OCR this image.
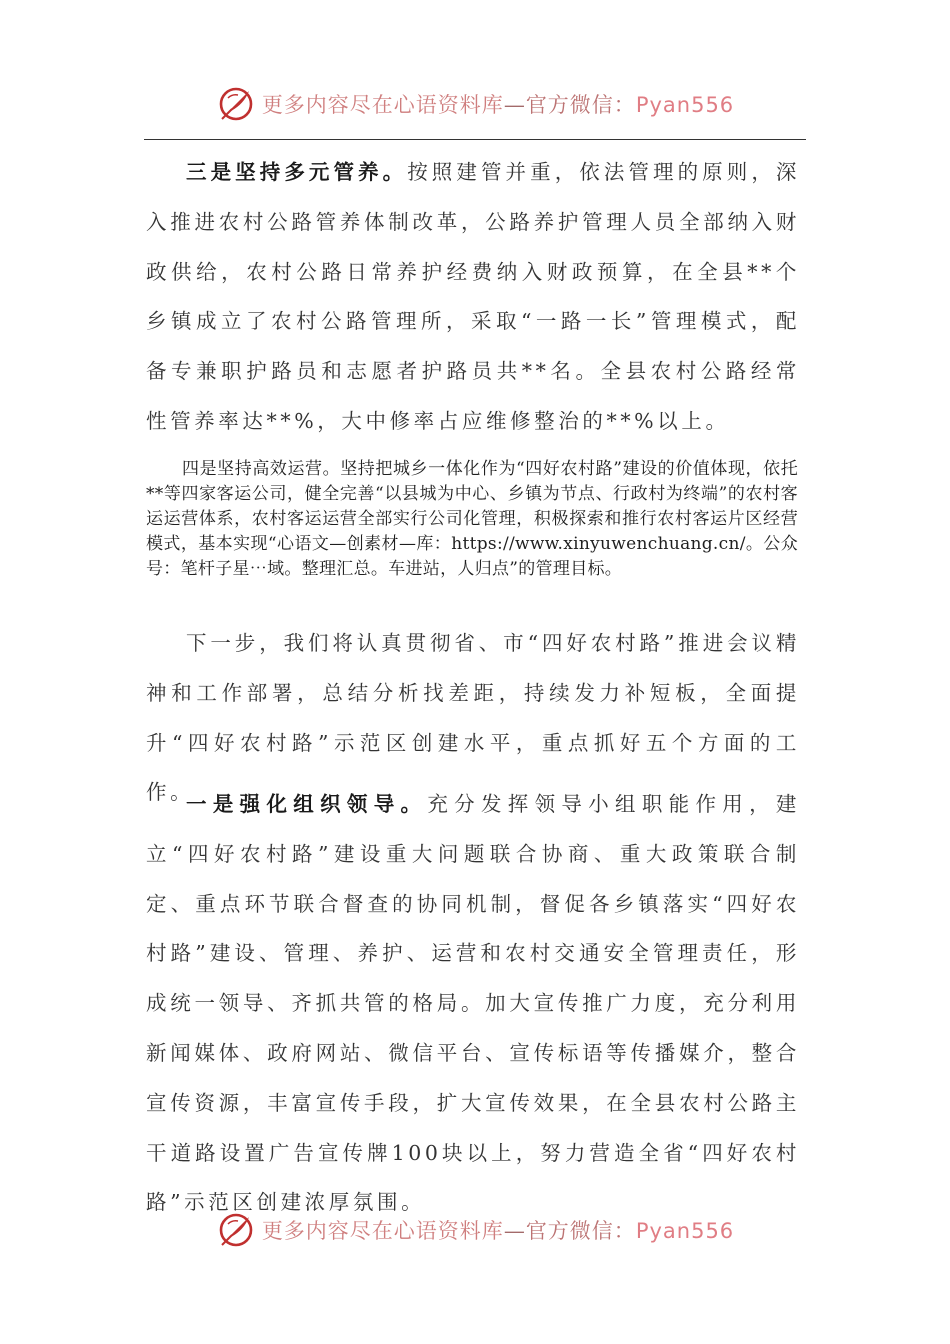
更多内容尽在心语资料库—官方微信：Pyan556

三是坚持多元管养。按照建管并重，依法管理的原则，深入推进农村公路管养体制改革，公路养护管理人员全部纳入财政供给，农村公路日常养护经费纳入财政预算，在全县**个乡镇成立了农村公路管理所，采取“一路一长”管理模式，配备专兼职护路员和志愿者护路员共**名。全县农村公路经常性管养率达**%，大中修率占应维修整治的**%以上。

四是坚持高效运营。坚持把城乡一体化作为“四好农村路”建设的价值体现，依托**等四家客运公司，健全完善“以县城为中心、乡镇为节点、行政村为终端”的农村客运运营体系，农村客运运营全部实行公司化管理，积极探索和推行农村客运片区经营模式，基本实现“心语文—创素材—库：https://www.xinyuwenchuang.cn/。公众号：笔杆子星⋯域。整理汇总。车进站，人归点”的管理目标。

下一步，我们将认真贯彻省、市“四好农村路”推进会议精神和工作部署，总结分析找差距，持续发力补短板，全面提升“四好农村路”示范区创建水平，重点抓好五个方面的工作。

一是强化组织领导。充分发挥领导小组职能作用，建立“四好农村路”建设重大问题联合协商、重大政策联合制定、重点环节联合督查的协同机制，督促各乡镇落实“四好农村路”建设、管理、养护、运营和农村交通安全管理责任，形成统一领导、齐抓共管的格局。加大宣传推广力度，充分利用新闻媒体、政府网站、微信平台、宣传标语等传播媒介，整合宣传资源，丰富宣传手段，扩大宣传效果，在全县农村公路主干道路设置广告宣传牌100块以上，努力营造全省“四好农村路”示范区创建浓厚氛围。

更多内容尽在心语资料库—官方微信：Pyan556
